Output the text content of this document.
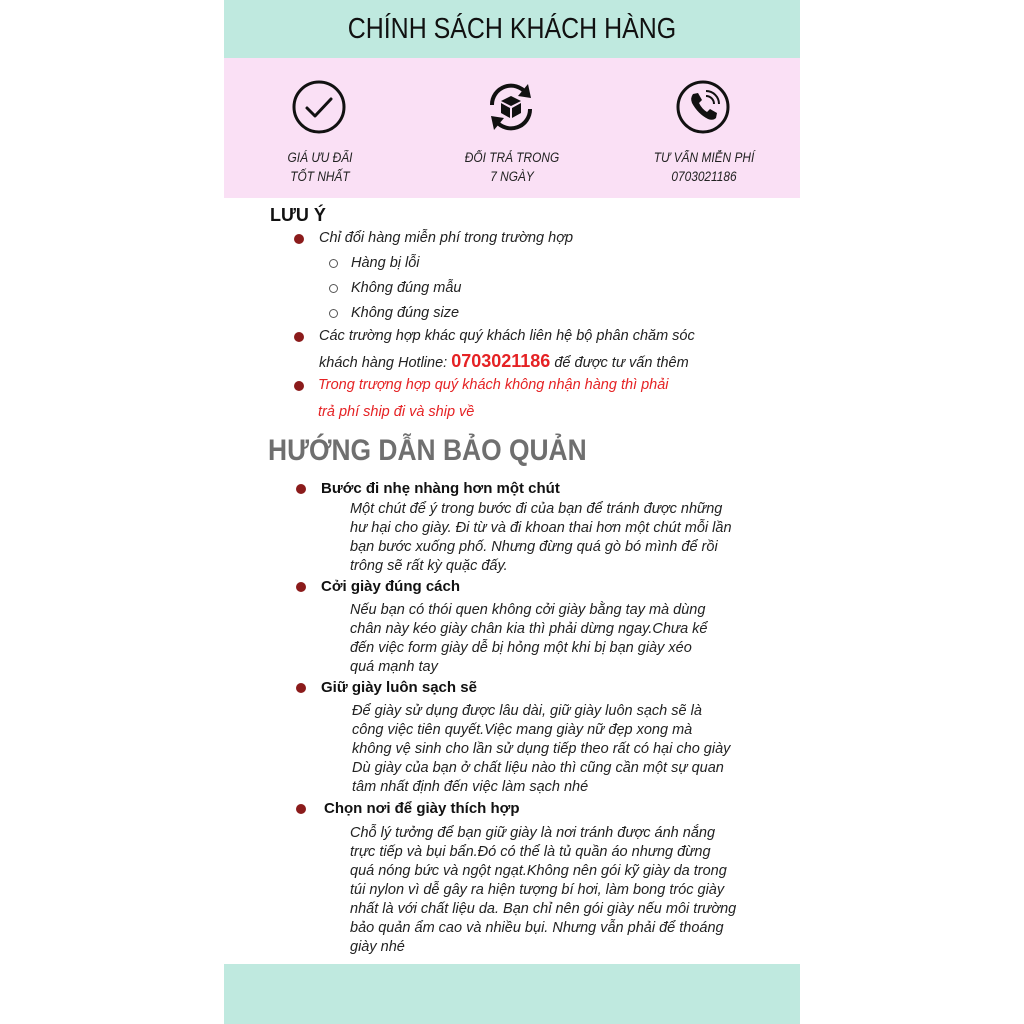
CHÍNH SÁCH KHÁCH HÀNG
GIÁ ƯU ĐÃI
TỐT NHẤT
ĐỔI TRẢ TRONG
7 NGÀY
TƯ VẤN MIỄN PHÍ
0703021186
LƯU Ý
Chỉ đổi hàng miễn phí trong trường hợp
Hàng bị lỗi
Không đúng mẫu
Không đúng size
Các trường hợp khác quý khách liên hệ bộ phân chăm sóc
khách hàng Hotline: 0703021186 để được tư vấn thêm
Trong trượng hợp quý khách không nhận hàng thì phải
trả phí ship đi và ship về
HƯỚNG DẪN BẢO QUẢN
Bước đi nhẹ nhàng hơn một chút
Một chút để ý trong bước đi của bạn để tránh được những
hư hại cho giày. Đi từ và đi khoan thai hơn một chút mỗi lần
bạn bước xuống phố. Nhưng đừng quá gò bó mình để rồi
trông sẽ rất kỳ quặc đấy.
Cởi giày đúng cách
Nếu bạn có thói quen không cởi giày bằng tay mà dùng
chân này kéo giày chân kia thì phải dừng ngay.Chưa kể
đến việc form giày dễ bị hỏng một khi bị bạn giày xéo
quá mạnh tay
Giữ giày luôn sạch sẽ
Để giày sử dụng được lâu dài, giữ giày luôn sạch sẽ là
công việc tiên quyết.Việc mang giày nữ đẹp xong mà
không vệ sinh cho lần sử dụng tiếp theo rất có hại cho giày
Dù giày của bạn ở chất liệu nào thì cũng cần một sự quan
tâm nhất định đến việc làm sạch nhé
Chọn nơi để giày thích hợp
Chỗ lý tưởng để bạn giữ giày là nơi tránh được ánh nắng
trực tiếp và bụi bẩn.Đó có thể là tủ quần áo nhưng đừng
quá nóng bức và ngột ngạt.Không nên gói kỹ giày da trong
túi nylon vì dễ gây ra hiện tượng bí hơi, làm bong tróc giày
nhất là với chất liệu da. Bạn chỉ nên gói giày nếu môi trường
bảo quản ẩm cao và nhiều bụi. Nhưng vẫn phải để thoáng
giày nhé
